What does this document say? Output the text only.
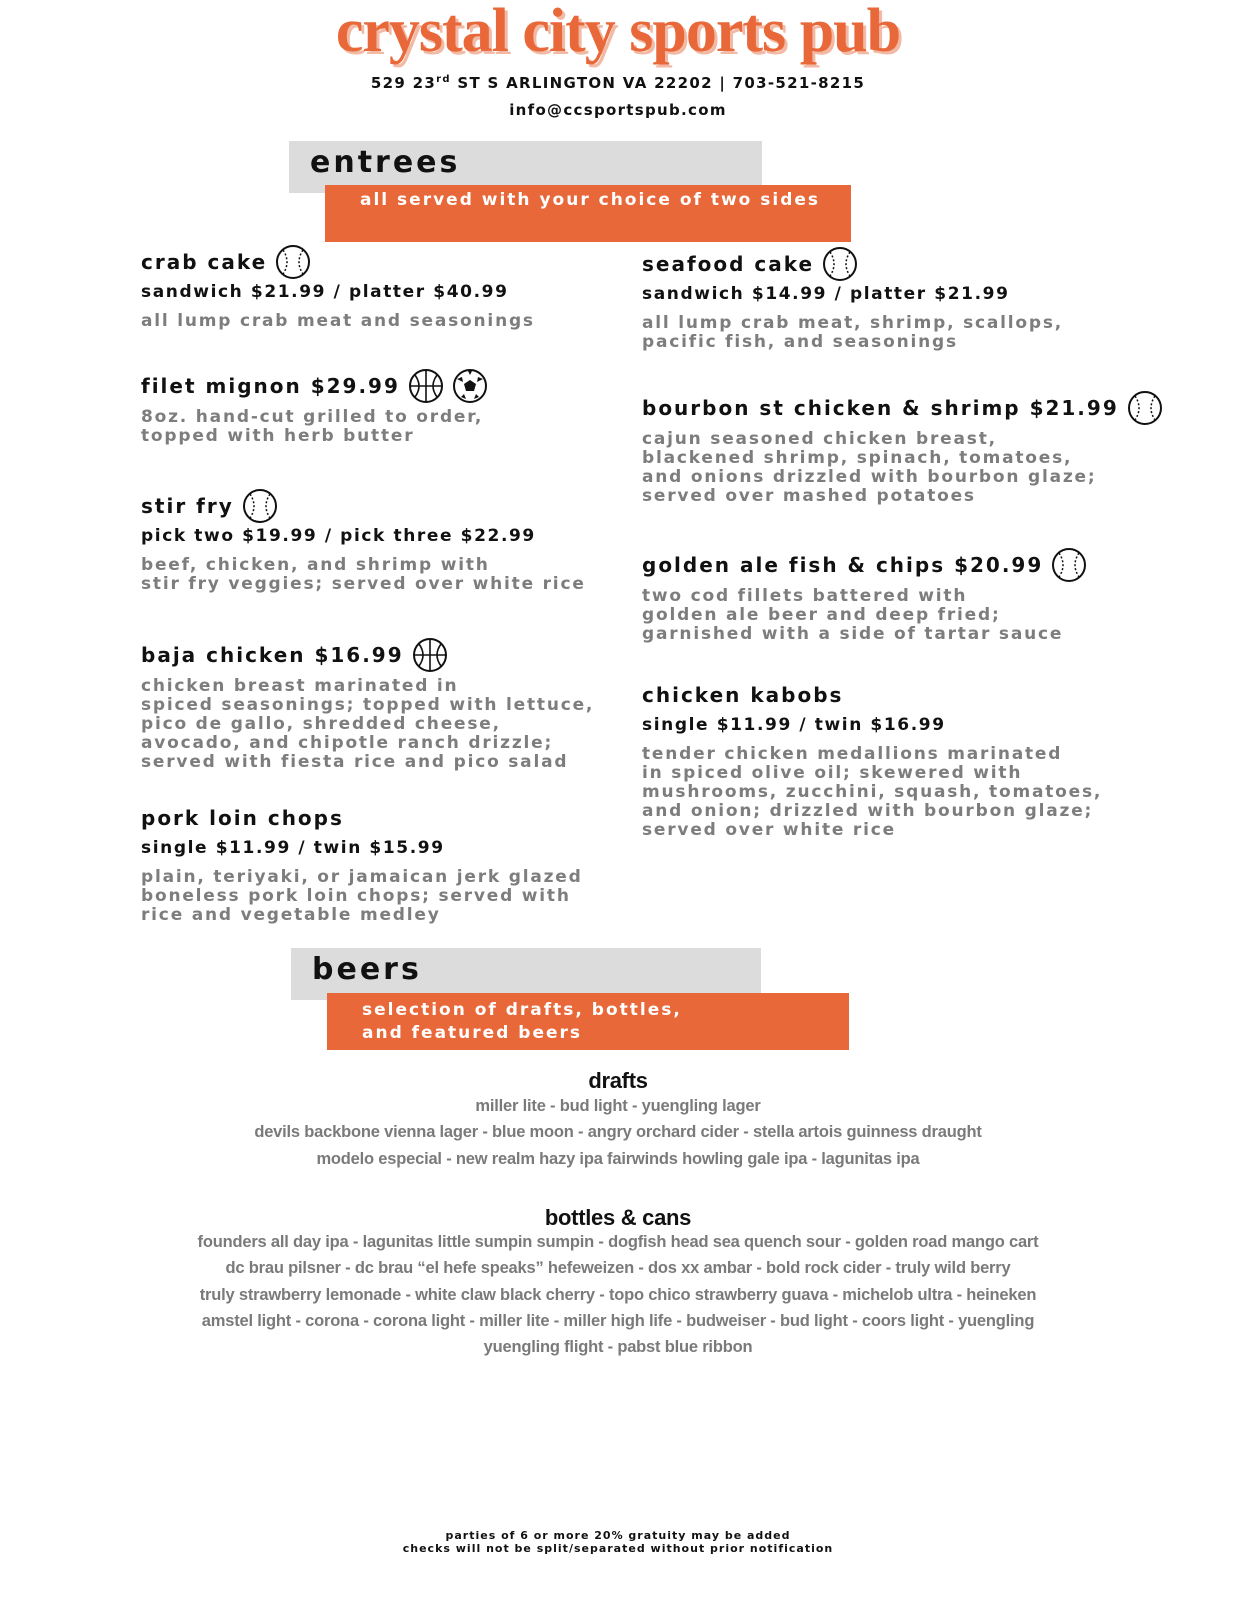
crystal city sports pub
529 23rd ST S ARLINGTON VA 22202 | 703-521-8215
info@ccsportspub.com
entrees
all served with your choice of two sides
crab cake
sandwich $21.99 / platter $40.99
all lump crab meat and seasonings
filet mignon $29.99
8oz. hand-cut grilled to order,
topped with herb butter
stir fry
pick two $19.99 / pick three $22.99
beef, chicken, and shrimp with
stir fry veggies; served over white rice
baja chicken $16.99
chicken breast marinated in
spiced seasonings; topped with lettuce,
pico de gallo, shredded cheese,
avocado, and chipotle ranch drizzle;
served with fiesta rice and pico salad
pork loin chops
single $11.99 / twin $15.99
plain, teriyaki, or jamaican jerk glazed
boneless pork loin chops; served with
rice and vegetable medley
seafood cake
sandwich $14.99 / platter $21.99
all lump crab meat, shrimp, scallops,
pacific fish, and seasonings
bourbon st chicken & shrimp $21.99
cajun seasoned chicken breast,
blackened shrimp, spinach, tomatoes,
and onions drizzled with bourbon glaze;
served over mashed potatoes
golden ale fish & chips $20.99
two cod fillets battered with
golden ale beer and deep fried;
garnished with a side of tartar sauce
chicken kabobs
single $11.99 / twin $16.99
tender chicken medallions marinated
in spiced olive oil; skewered with
mushrooms, zucchini, squash, tomatoes,
and onion; drizzled with bourbon glaze;
served over white rice
beers
selection of drafts, bottles,
and featured beers
drafts
miller lite - bud light - yuengling lager
devils backbone vienna lager - blue moon - angry orchard cider - stella artois guinness draught
modelo especial - new realm hazy ipa fairwinds howling gale ipa - lagunitas ipa
bottles & cans
founders all day ipa - lagunitas little sumpin sumpin - dogfish head sea quench sour - golden road mango cart
dc brau pilsner - dc brau “el hefe speaks” hefeweizen - dos xx ambar - bold rock cider - truly wild berry
truly strawberry lemonade - white claw black cherry - topo chico strawberry guava - michelob ultra - heineken
amstel light - corona - corona light - miller lite - miller high life - budweiser - bud light - coors light - yuengling
yuengling flight - pabst blue ribbon
parties of 6 or more 20% gratuity may be added
checks will not be split/separated without prior notification
